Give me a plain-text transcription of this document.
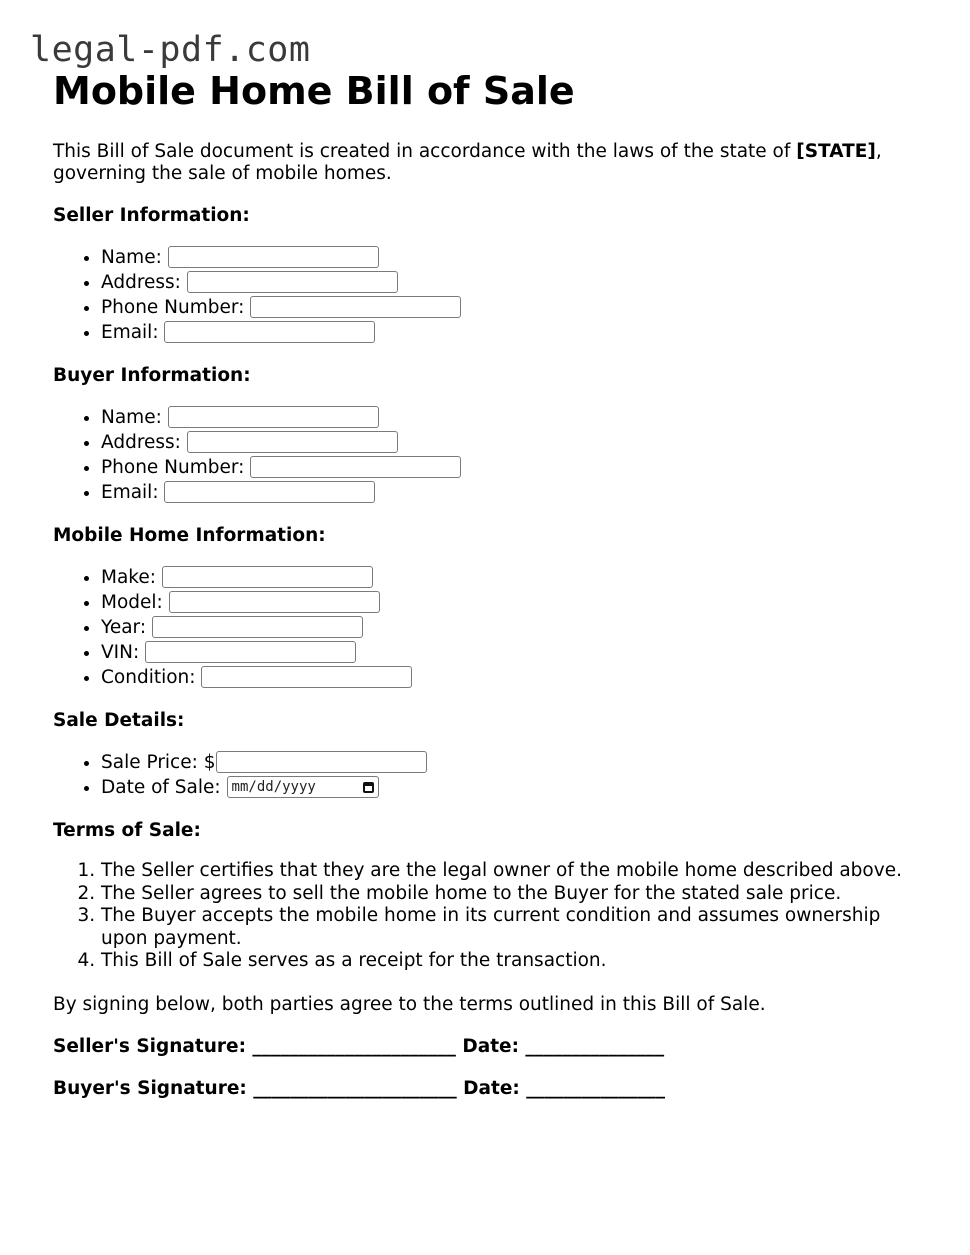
legal-pdf.com
Mobile Home Bill of Sale

This Bill of Sale document is created in accordance with the laws of the state of [STATE], governing the sale of mobile homes.

Seller Information:

• Name:
• Address:
• Phone Number:
• Email:

Buyer Information:

• Name:
• Address:
• Phone Number:
• Email:

Mobile Home Information:

• Make:
• Model:
• Year:
• VIN:
• Condition:

Sale Details:

• Sale Price: $
• Date of Sale: mm/dd/yyyy

Terms of Sale:

1. The Seller certifies that they are the legal owner of the mobile home described above.
2. The Seller agrees to sell the mobile home to the Buyer for the stated sale price.
3. The Buyer accepts the mobile home in its current condition and assumes ownership upon payment.
4. This Bill of Sale serves as a receipt for the transaction.

By signing below, both parties agree to the terms outlined in this Bill of Sale.

Seller's Signature: ______________________ Date: _______________

Buyer's Signature: ______________________ Date: _______________
